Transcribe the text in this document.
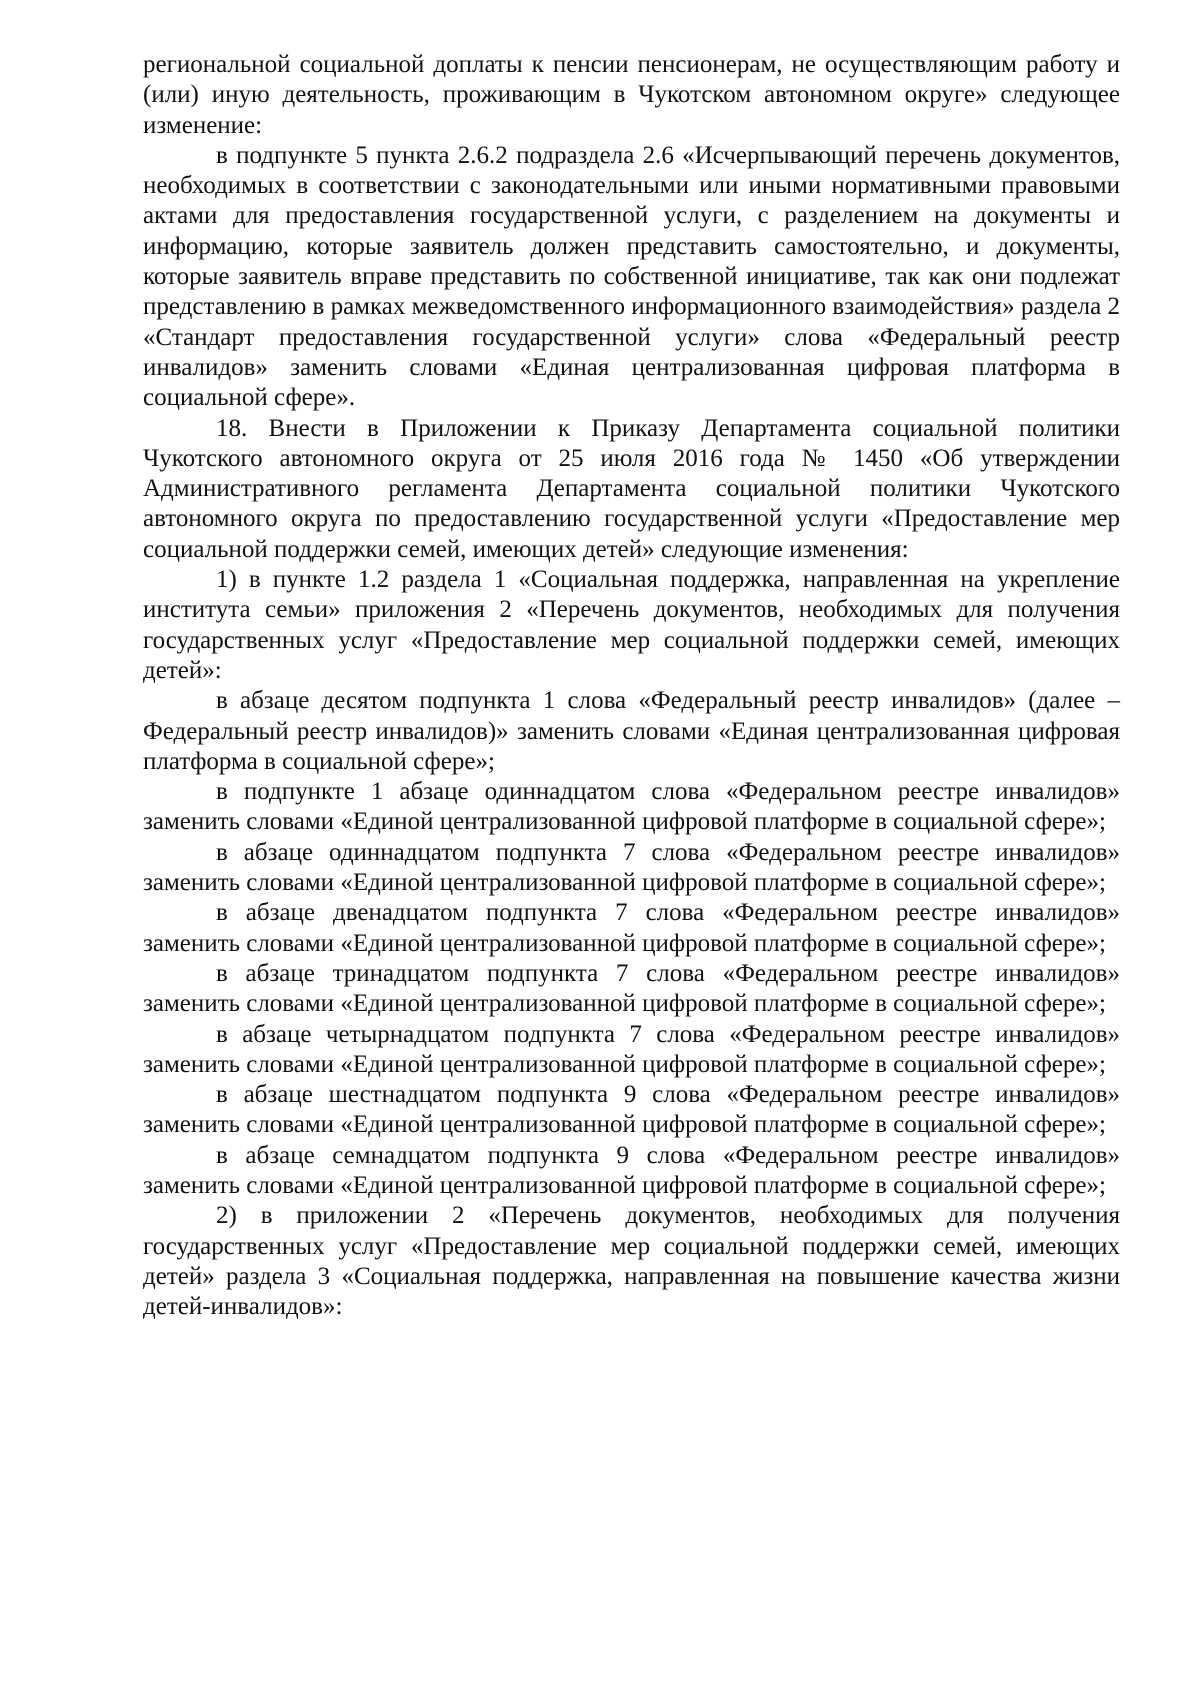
региональной социальной доплаты к пенсии пенсионерам, не осуществляющим работу и (или) иную деятельность, проживающим в Чукотском автономном округе» следующее изменение:

в подпункте 5 пункта 2.6.2 подраздела 2.6 «Исчерпывающий перечень документов, необходимых в соответствии с законодательными или иными нормативными правовыми актами для предоставления государственной услуги, с разделением на документы и информацию, которые заявитель должен представить самостоятельно, и документы, которые заявитель вправе представить по собственной инициативе, так как они подлежат представлению в рамках межведомственного информационного взаимодействия» раздела 2 «Стандарт предоставления государственной услуги» слова «Федеральный реестр инвалидов» заменить словами «Единая централизованная цифровая платформа в социальной сфере».

18. Внести в Приложении к Приказу Департамента социальной политики Чукотского автономного округа от 25 июля 2016 года № 1450 «Об утверждении Административного регламента Департамента социальной политики Чукотского автономного округа по предоставлению государственной услуги «Предоставление мер социальной поддержки семей, имеющих детей» следующие изменения:

1) в пункте 1.2 раздела 1 «Социальная поддержка, направленная на укрепление института семьи» приложения 2 «Перечень документов, необходимых для получения государственных услуг «Предоставление мер социальной поддержки семей, имеющих детей»:

в абзаце десятом подпункта 1 слова «Федеральный реестр инвалидов» (далее – Федеральный реестр инвалидов)» заменить словами «Единая централизованная цифровая платформа в социальной сфере»;

в подпункте 1 абзаце одиннадцатом слова «Федеральном реестре инвалидов» заменить словами «Единой централизованной цифровой платформе в социальной сфере»;

в абзаце одиннадцатом подпункта 7 слова «Федеральном реестре инвалидов» заменить словами «Единой централизованной цифровой платформе в социальной сфере»;

в абзаце двенадцатом подпункта 7 слова «Федеральном реестре инвалидов» заменить словами «Единой централизованной цифровой платформе в социальной сфере»;

в абзаце тринадцатом подпункта 7 слова «Федеральном реестре инвалидов» заменить словами «Единой централизованной цифровой платформе в социальной сфере»;

в абзаце четырнадцатом подпункта 7 слова «Федеральном реестре инвалидов» заменить словами «Единой централизованной цифровой платформе в социальной сфере»;

в абзаце шестнадцатом подпункта 9 слова «Федеральном реестре инвалидов» заменить словами «Единой централизованной цифровой платформе в социальной сфере»;

в абзаце семнадцатом подпункта 9 слова «Федеральном реестре инвалидов» заменить словами «Единой централизованной цифровой платформе в социальной сфере»;

2) в приложении 2 «Перечень документов, необходимых для получения государственных услуг «Предоставление мер социальной поддержки семей, имеющих детей» раздела 3 «Социальная поддержка, направленная на повышение качества жизни детей-инвалидов»:
